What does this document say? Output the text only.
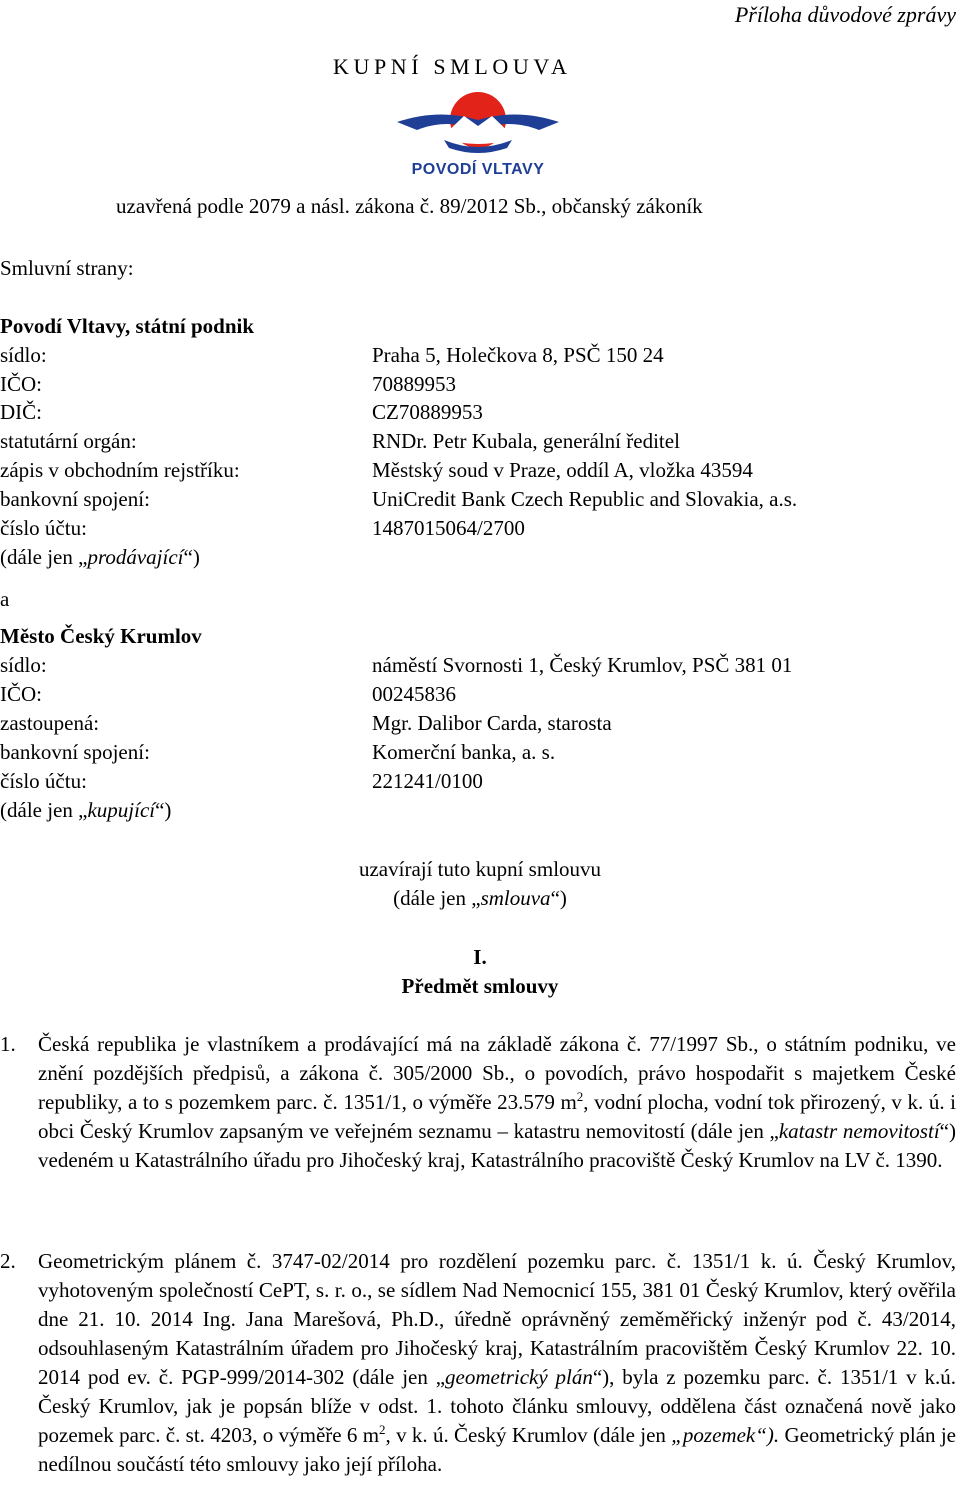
Příloha důvodové zprávy
KUPNÍ SMLOUVA
POVODÍ VLTAVY
uzavřená podle 2079 a násl. zákona č. 89/2012 Sb., občanský zákoník
Smluvní strany:
Povodí Vltavy, státní podnik
sídlo:	Praha 5, Holečkova 8, PSČ 150 24
IČO:	70889953
DIČ:	CZ70889953
statutární orgán:	RNDr. Petr Kubala, generální ředitel
zápis v obchodním rejstříku:	Městský soud v Praze, oddíl A, vložka 43594
bankovní spojení:	UniCredit Bank Czech Republic and Slovakia, a.s.
číslo účtu:	1487015064/2700
(dále jen „prodávající“)
a
Město Český Krumlov
sídlo:	náměstí Svornosti 1, Český Krumlov, PSČ 381 01
IČO:	00245836
zastoupená:	Mgr. Dalibor Carda, starosta
bankovní spojení:	Komerční banka, a. s.
číslo účtu:	221241/0100
(dále jen „kupující“)
uzavírají tuto kupní smlouvu
(dále jen „smlouva“)
I.
Předmět smlouvy
1. Česká republika je vlastníkem a prodávající má na základě zákona č. 77/1997 Sb., o státním podniku, ve znění pozdějších předpisů, a zákona č. 305/2000 Sb., o povodích, právo hospodařit s majetkem České republiky, a to s pozemkem parc. č. 1351/1, o výměře 23.579 $m^2$, vodní plocha, vodní tok přirozený, v k. ú. i obci Český Krumlov zapsaným ve veřejném seznamu – katastru nemovitostí (dále jen „katastr nemovitostí“) vedeném u Katastrálního úřadu pro Jihočeský kraj, Katastrálního pracoviště Český Krumlov na LV č. 1390.
2. Geometrickým plánem č. 3747-02/2014 pro rozdělení pozemku parc. č. 1351/1 k. ú. Český Krumlov, vyhotoveným společností CePT, s. r. o., se sídlem Nad Nemocnicí 155, 381 01 Český Krumlov, který ověřila dne 21. 10. 2014 Ing. Jana Marešová, Ph.D., úředně oprávněný zeměměřický inženýr pod č. 43/2014, odsouhlaseným Katastrálním úřadem pro Jihočeský kraj, Katastrálním pracovištěm Český Krumlov 22. 10. 2014 pod ev. č. PGP-999/2014-302 (dále jen „geometrický plán“), byla z pozemku parc. č. 1351/1 v k.ú. Český Krumlov, jak je popsán blíže v odst. 1. tohoto článku smlouvy, oddělena část označená nově jako pozemek parc. č. st. 4203, o výměře 6 $m^2$, v k. ú. Český Krumlov (dále jen „pozemek“). Geometrický plán je nedílnou součástí této smlouvy jako její příloha.
